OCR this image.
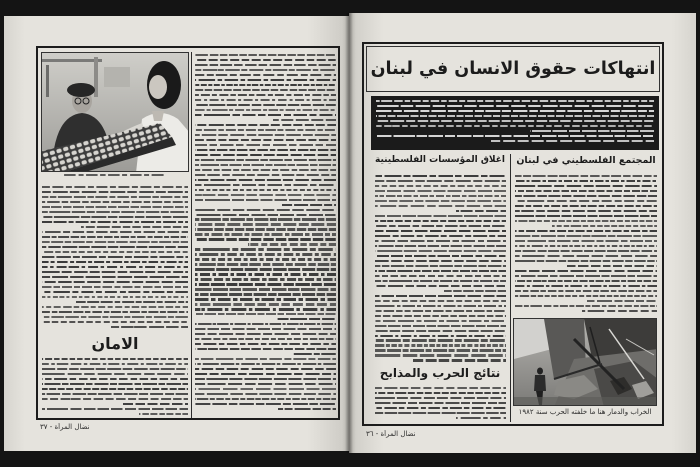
الامان
نضال المرأة - ٣٧
انتهاكات حقوق الانسان في لبنان
المجتمع الفلسطيني في لبنان
الخراب والدمار هنا ما خلفته الحرب سنة ١٩٨٢
اغلاق المؤسسات الفلسطينية
نتائج الحرب والمذابح
نضال المرأة - ٣٦
